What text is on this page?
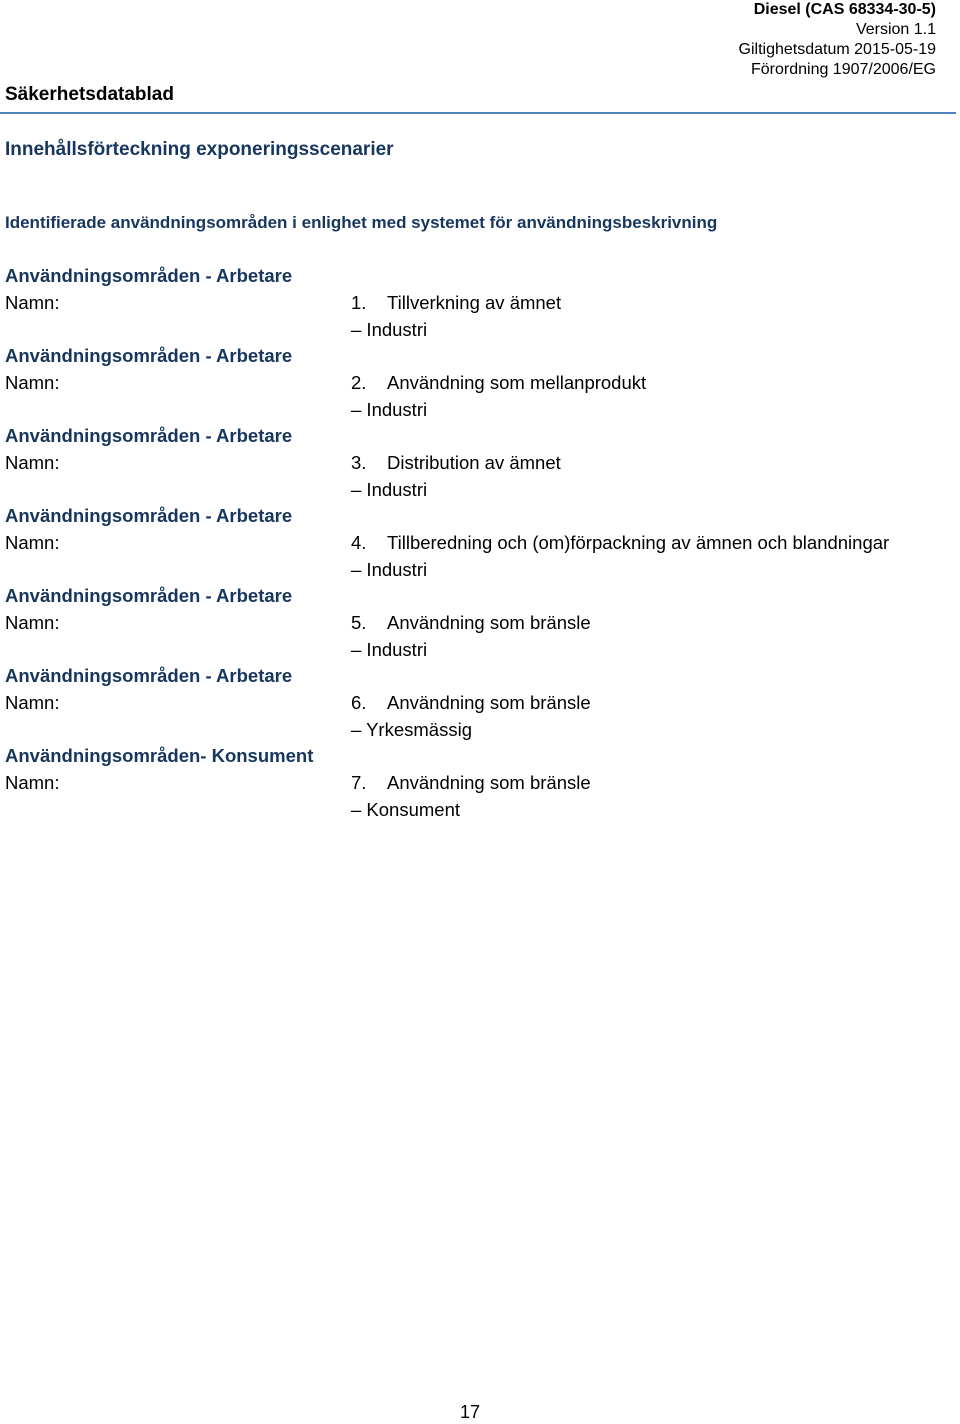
Diesel (CAS 68334-30-5)
Version 1.1
Giltighetsdatum 2015-05-19
Förordning 1907/2006/EG
Säkerhetsdatablad
Innehållsförteckning exponeringsscenarier
Identifierade användningsområden i enlighet med systemet för användningsbeskrivning
Användningsområden - Arbetare
Namn:	1. Tillverkning av ämnet
– Industri
Användningsområden - Arbetare
Namn:	2. Användning som mellanprodukt
– Industri
Användningsområden - Arbetare
Namn:	3. Distribution av ämnet
– Industri
Användningsområden - Arbetare
Namn:	4. Tillberedning och (om)förpackning av ämnen och blandningar
– Industri
Användningsområden - Arbetare
Namn:	5. Användning som bränsle
– Industri
Användningsområden - Arbetare
Namn:	6. Användning som bränsle
– Yrkesmässig
Användningsområden- Konsument
Namn:	7. Användning som bränsle
– Konsument
17
